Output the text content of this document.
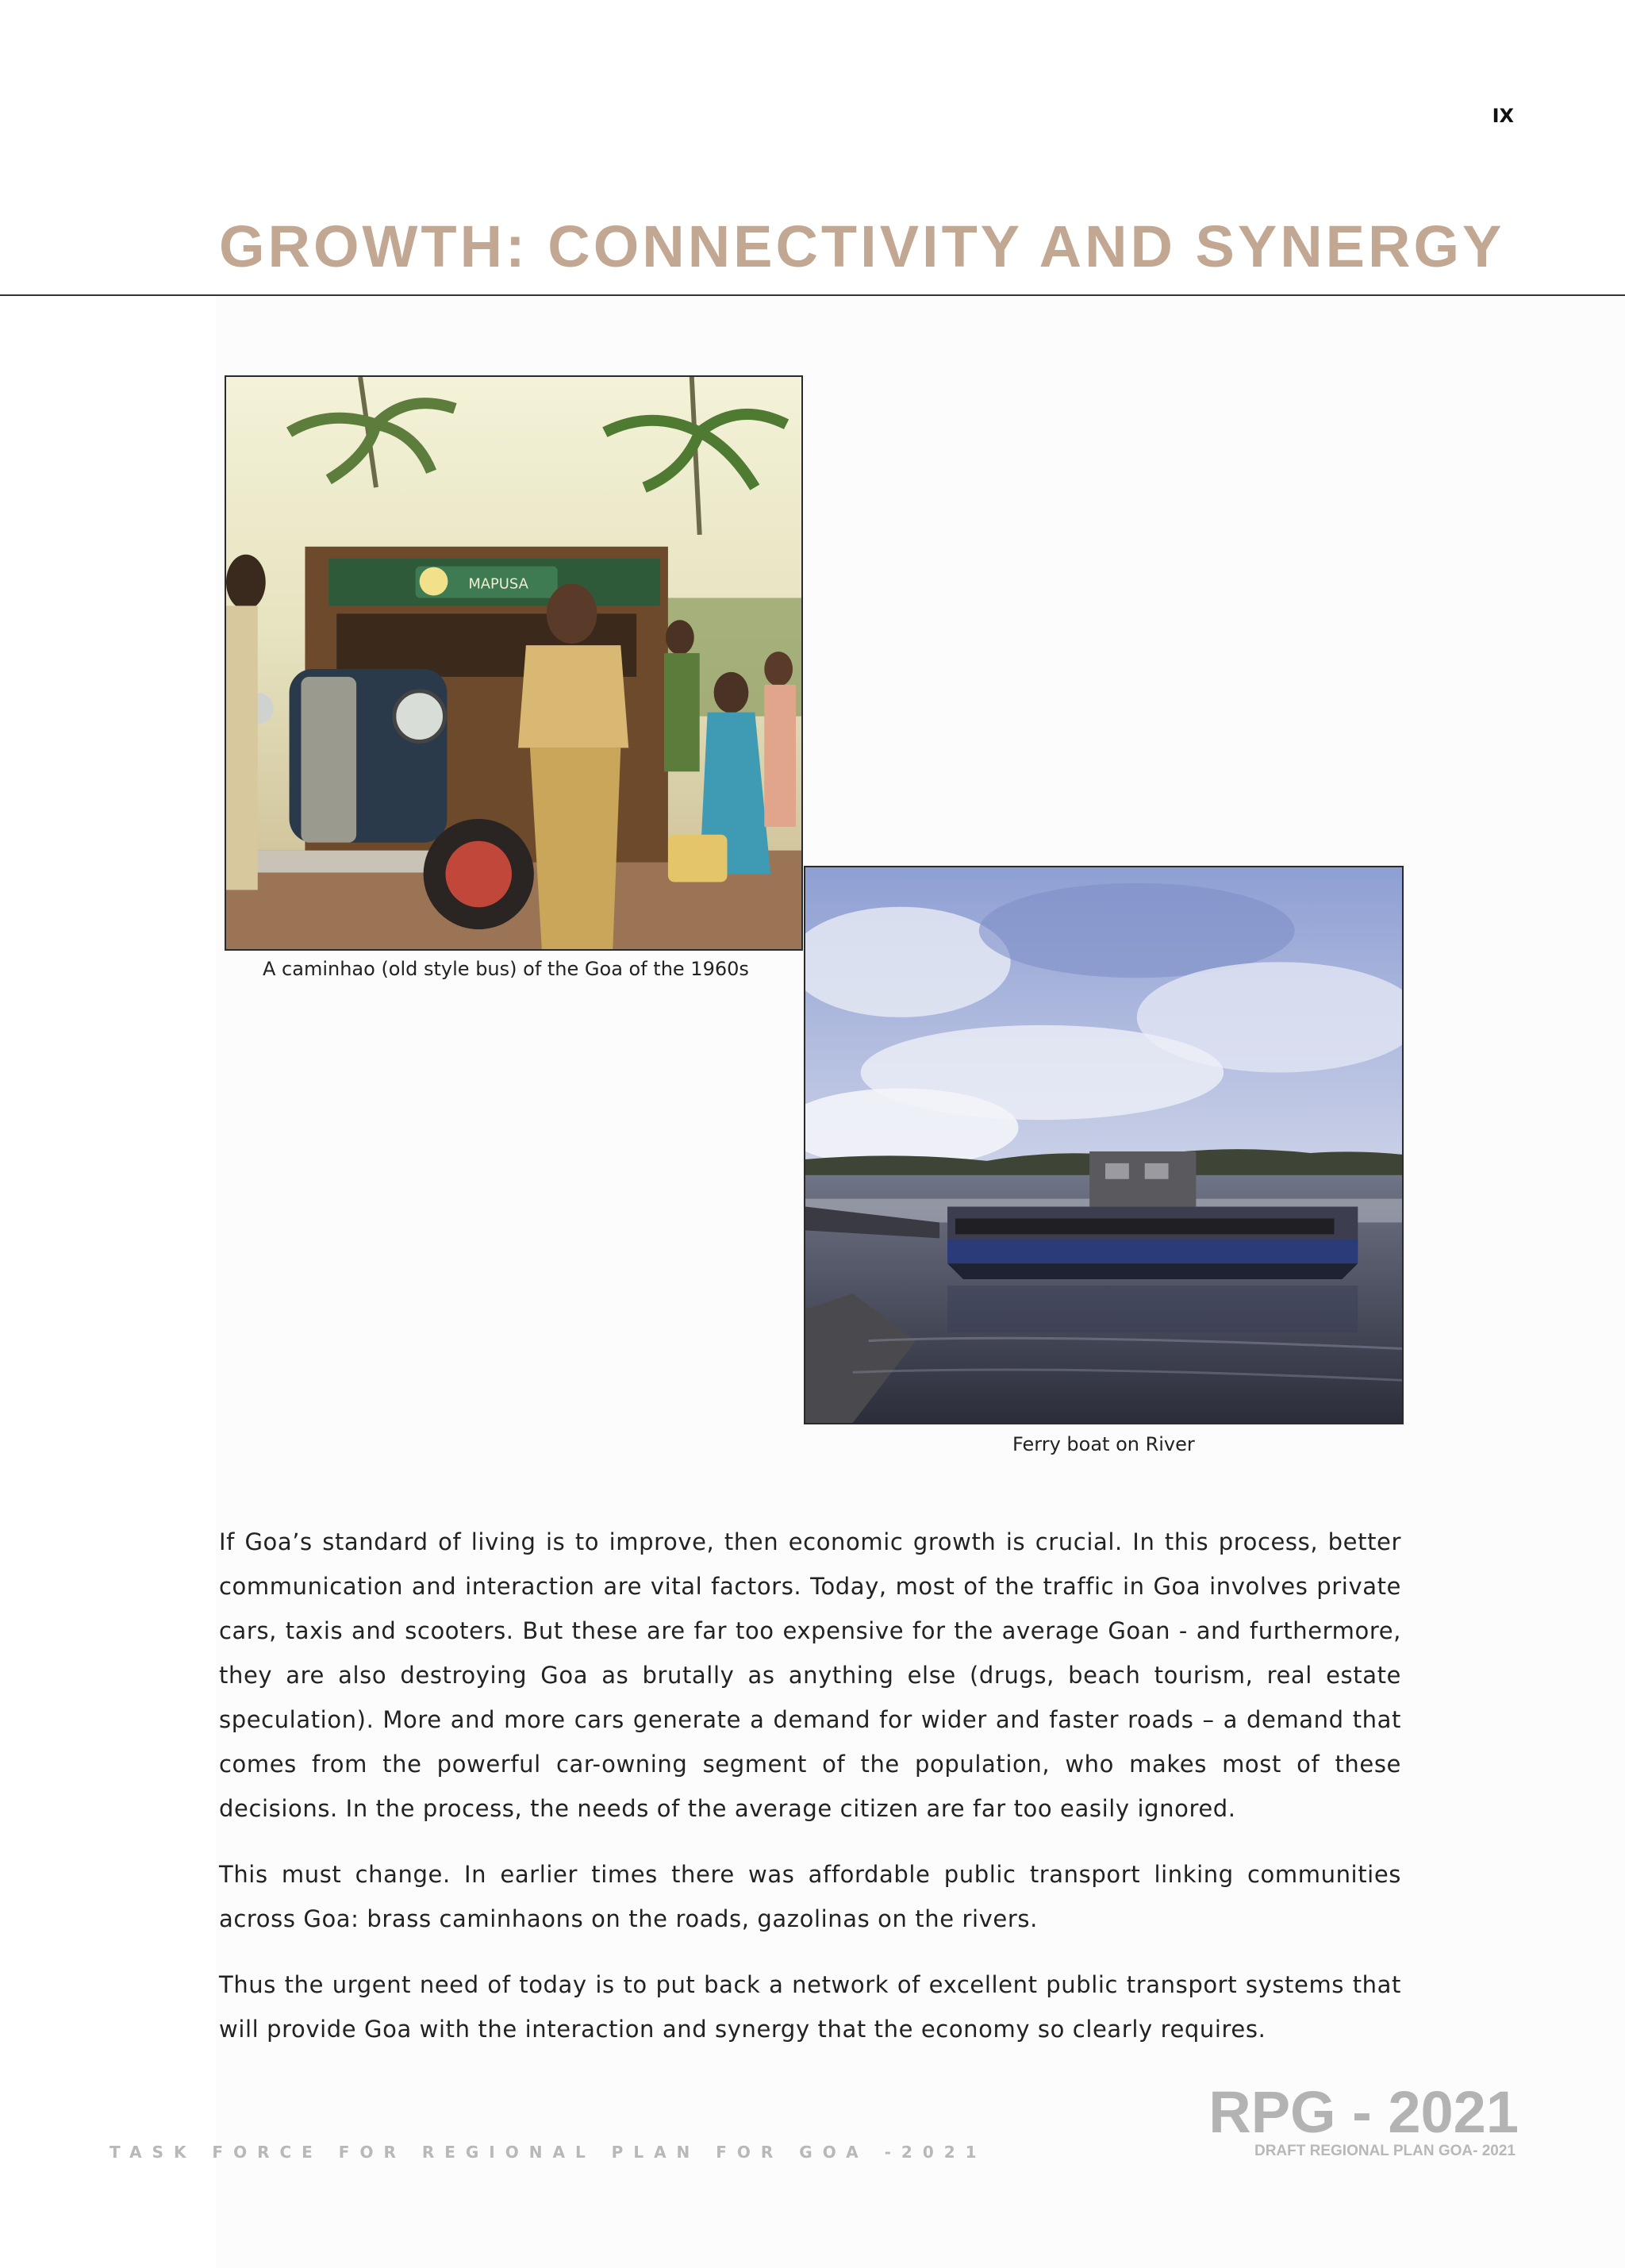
IX
GROWTH: CONNECTIVITY AND SYNERGY
MAPUSA
A caminhao (old style bus) of the Goa of the 1960s
Ferry boat on River

If Goa’s standard of living is to improve, then economic growth is crucial. In this process, better communication and interaction are vital factors. Today, most of the traffic in Goa involves private cars, taxis and scooters. But these are far too expensive for the average Goan - and furthermore, they are also destroying Goa as brutally as anything else (drugs, beach tourism, real estate speculation). More and more cars generate a demand for wider and faster roads – a demand that comes from the powerful car-owning segment of the population, who makes most of these decisions. In the process, the needs of the average citizen are far too easily ignored.

This must change. In earlier times there was affordable public transport linking communities across Goa: brass caminhaons on the roads, gazolinas on the rivers.

Thus the urgent need of today is to put back a network of excellent public transport systems that will provide Goa with the interaction and synergy that the economy so clearly requires.

TASK FORCE FOR REGIONAL PLAN FOR GOA -2021
RPG - 2021
DRAFT REGIONAL PLAN GOA- 2021
